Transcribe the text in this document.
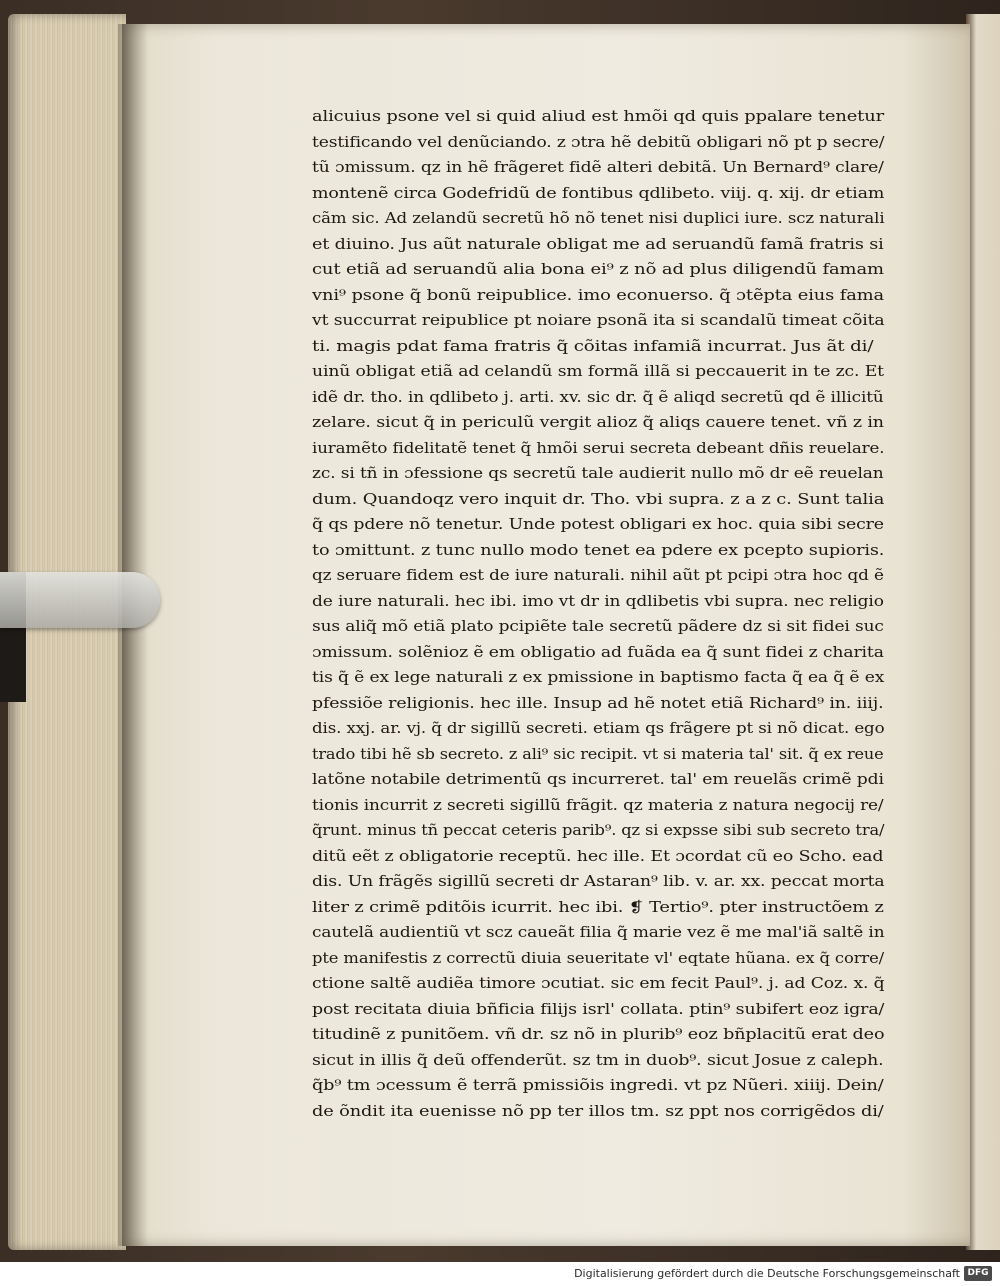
alicuius psone vel si quid aliud est hmõi qd quis ppalare tenetur
testificando vel denũciando. z ɔtra hẽ debitũ obligari nõ pt p secre/
tũ ɔmissum. qz in hẽ frãgeret fidẽ alteri debitã. Un Bernard⁹ clare/
montenẽ circa Godefridũ de fontibus qdlibeto. viij. q. xij. dr etiam
cãm sic. Ad zelandũ secretũ hõ nõ tenet nisi duplici iure. scz naturali
et diuino. Jus aũt naturale obligat me ad seruandũ famã fratris si
cut etiã ad seruandũ alia bona ei⁹ z nõ ad plus diligendũ famam
vni⁹ psone q̃ bonũ reipublice. imo econuerso. q̃ ɔtẽpta eius fama
vt succurrat reipublice pt noiare psonã ita si scandalũ timeat cõita
ti. magis pdat fama fratris q̃ cõitas infamiã incurrat. Jus ãt di/
uinũ obligat etiã ad celandũ sm formã illã si peccauerit in te zc. Et
idẽ dr. tho. in qdlibeto j. arti. xv. sic dr. q̃ ẽ aliqd secretũ qd ẽ illicitũ
zelare. sicut q̃ in periculũ vergit alioz q̃ aliqs cauere tenet. vñ z in
iuramẽto fidelitatẽ tenet q̃ hmõi serui secreta debeant dñis reuelare.
zc. si tñ in ɔfessione qs secretũ tale audierit nullo mõ dr eẽ reuelan
dum. Quandoqz vero inquit dr. Tho. vbi supra. z a z c. Sunt talia
q̃ qs pdere nõ tenetur. Unde potest obligari ex hoc. quia sibi secre
to ɔmittunt. z tunc nullo modo tenet ea pdere ex pcepto supioris.
qz seruare fidem est de iure naturali. nihil aũt pt pcipi ɔtra hoc qd ẽ
de iure naturali. hec ibi. imo vt dr in qdlibetis vbi supra. nec religio
sus aliq̃ mõ etiã plato pcipiẽte tale secretũ pãdere dz si sit fidei suc
ɔmissum. solẽnioz ẽ em obligatio ad fuãda ea q̃ sunt fidei z charita
tis q̃ ẽ ex lege naturali z ex pmissione in baptismo facta q̃ ea q̃ ẽ ex
pfessiõe religionis. hec ille. Insup ad hẽ notet etiã Richard⁹ in. iiij.
dis. xxj. ar. vj. q̃ dr sigillũ secreti. etiam qs frãgere pt si nõ dicat. ego
trado tibi hẽ sb secreto. z ali⁹ sic recipit. vt si materia tal' sit. q̃ ex reue
latõne notabile detrimentũ qs incurreret. tal' em reuelãs crimẽ pdi
tionis incurrit z secreti sigillũ frãgit. qz materia z natura negocij re/
q̃runt. minus tñ peccat ceteris parib⁹. qz si expsse sibi sub secreto tra/
ditũ eẽt z obligatorie receptũ. hec ille. Et ɔcordat cũ eo Scho. ead
dis. Un frãgẽs sigillũ secreti dr Astaran⁹ lib. v. ar. xx. peccat morta
liter z crimẽ pditõis icurrit. hec ibi. ❡ Tertio⁹. pter instructõem z
cautelã audientiũ vt scz caueãt filia q̃ marie vez ẽ me mal'iã saltẽ in
pte manifestis z correctũ diuia seueritate vl' eqtate hũana. ex q̃ corre/
ctione saltẽ audiẽa timore ɔcutiat. sic em fecit Paul⁹. j. ad Coz. x. q̃
post recitata diuia bñficia filijs isrl' collata. ptin⁹ subifert eoz igra/
titudinẽ z punitõem. vñ dr. sz nõ in plurib⁹ eoz bñplacitũ erat deo
sicut in illis q̃ deũ offenderũt. sz tm in duob⁹. sicut Josue z caleph.
q̃b⁹ tm ɔcessum ẽ terrã pmissiõis ingredi. vt pz Nũeri. xiiij. Dein/
de õndit ita euenisse nõ pp ter illos tm. sz ppt nos corrigẽdos di/
Digitalisierung gefördert durch die Deutsche Forschungsgemeinschaft DFG
